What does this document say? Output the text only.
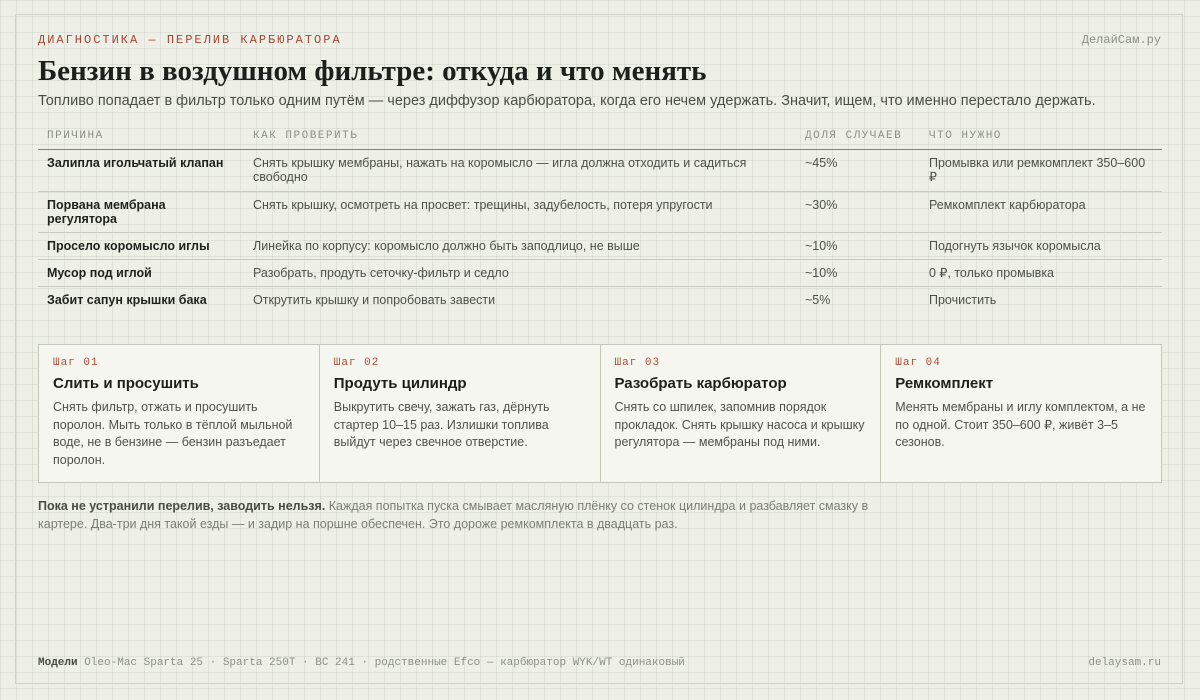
ДИАГНОСТИКА — ПЕРЕЛИВ КАРБЮРАТОРА	ДелайСам.ру
Бензин в воздушном фильтре: откуда и что менять
Топливо попадает в фильтр только одним путём — через диффузор карбюратора, когда его нечем удержать. Значит, ищем, что именно перестало держать.
ПРИЧИНА	КАК ПРОВЕРИТЬ	ДОЛЯ СЛУЧАЕВ	ЧТО НУЖНО
Залипла игольчатый клапан	Снять крышку мембраны, нажать на коромысло — игла должна отходить и садиться свободно	~45%	Промывка или ремкомплект 350–600 ₽
Порвана мембрана регулятора	Снять крышку, осмотреть на просвет: трещины, задубелость, потеря упругости	~30%	Ремкомплект карбюратора
Просело коромысло иглы	Линейка по корпусу: коромысло должно быть заподлицо, не выше	~10%	Подогнуть язычок коромысла
Мусор под иглой	Разобрать, продуть сеточку-фильтр и седло	~10%	0 ₽, только промывка
Забит сапун крышки бака	Открутить крышку и попробовать завести	~5%	Прочистить
Шаг 01
Слить и просушить
Снять фильтр, отжать и просушить поролон. Мыть только в тёплой мыльной воде, не в бензине — бензин разъедает поролон.
Шаг 02
Продуть цилиндр
Выкрутить свечу, зажать газ, дёрнуть стартер 10–15 раз. Излишки топлива выйдут через свечное отверстие.
Шаг 03
Разобрать карбюратор
Снять со шпилек, запомнив порядок прокладок. Снять крышку насоса и крышку регулятора — мембраны под ними.
Шаг 04
Ремкомплект
Менять мембраны и иглу комплектом, а не по одной. Стоит 350–600 ₽, живёт 3–5 сезонов.
Пока не устранили перелив, заводить нельзя. Каждая попытка пуска смывает масляную плёнку со стенок цилиндра и разбавляет смазку в картере. Два-три дня такой езды — и задир на поршне обеспечен. Это дороже ремкомплекта в двадцать раз.
Модели Oleo-Mac Sparta 25 · Sparta 250T · BC 241 · родственные Efco — карбюратор WYK/WT одинаковый	delaysam.ru
